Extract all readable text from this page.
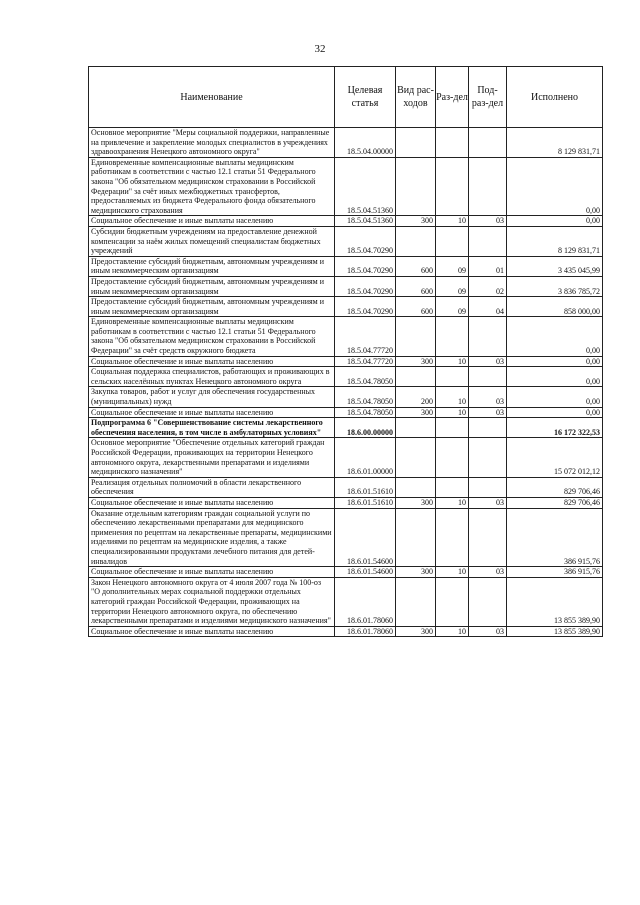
32
Наименование	Целевая статья	Вид рас-ходов	Раз-дел	Под-раз-дел	Исполнено
Основное мероприятие "Меры социальной поддержки, направленные на привлечение и закрепление молодых специалистов в учреждениях здравоохранения Ненецкого автономного округа"	18.5.04.00000				8 129 831,71
Единовременные компенсационные выплаты медицинским работникам в соответствии с частью 12.1 статьи 51 Федерального закона "Об обязательном медицинском страховании в Российской Федерации" за счёт иных межбюджетных трансфертов, предоставляемых из бюджета Федерального фонда обязательного медицинского страхования	18.5.04.51360				0,00
Социальное обеспечение и иные выплаты населению	18.5.04.51360	300	10	03	0,00
Субсидии бюджетным учреждениям на предоставление денежной компенсации за наём жилых помещений специалистам бюджетных учреждений	18.5.04.70290				8 129 831,71
Предоставление субсидий бюджетным, автономным учреждениям и иным некоммерческим организациям	18.5.04.70290	600	09	01	3 435 045,99
Предоставление субсидий бюджетным, автономным учреждениям и иным некоммерческим организациям	18.5.04.70290	600	09	02	3 836 785,72
Предоставление субсидий бюджетным, автономным учреждениям и иным некоммерческим организациям	18.5.04.70290	600	09	04	858 000,00
Единовременные компенсационные выплаты медицинским работникам в соответствии с частью 12.1 статьи 51 Федерального закона "Об обязательном медицинском страховании в Российской Федерации" за счёт средств окружного бюджета	18.5.04.77720				0,00
Социальное обеспечение и иные выплаты населению	18.5.04.77720	300	10	03	0,00
Социальная поддержка специалистов, работающих и проживающих в сельских населённых пунктах Ненецкого автономного округа	18.5.04.78050				0,00
Закупка товаров, работ и услуг для обеспечения государственных (муниципальных) нужд	18.5.04.78050	200	10	03	0,00
Социальное обеспечение и иные выплаты населению	18.5.04.78050	300	10	03	0,00
Подпрограмма 6 "Совершенствование системы лекарственного обеспечения населения, в том числе в амбулаторных условиях"	18.6.00.00000				16 172 322,53
Основное мероприятие "Обеспечение отдельных категорий граждан Российской Федерации, проживающих на территории Ненецкого автономного округа, лекарственными препаратами и изделиями медицинского назначения"	18.6.01.00000				15 072 012,12
Реализация отдельных полномочий в области лекарственного обеспечения	18.6.01.51610				829 706,46
Социальное обеспечение и иные выплаты населению	18.6.01.51610	300	10	03	829 706,46
Оказание отдельным категориям граждан социальной услуги по обеспечению лекарственными препаратами для медицинского применения по рецептам на лекарственные препараты, медицинскими изделиями по рецептам на медицинские изделия, а также специализированными продуктами лечебного питания для детей-инвалидов	18.6.01.54600				386 915,76
Социальное обеспечение и иные выплаты населению	18.6.01.54600	300	10	03	386 915,76
Закон Ненецкого автономного округа от 4 июля 2007 года № 100-оз "О дополнительных мерах социальной поддержки отдельных категорий граждан Российской Федерации, проживающих на территории Ненецкого автономного округа, по обеспечению лекарственными препаратами и изделиями медицинского назначения"	18.6.01.78060				13 855 389,90
Социальное обеспечение и иные выплаты населению	18.6.01.78060	300	10	03	13 855 389,90
